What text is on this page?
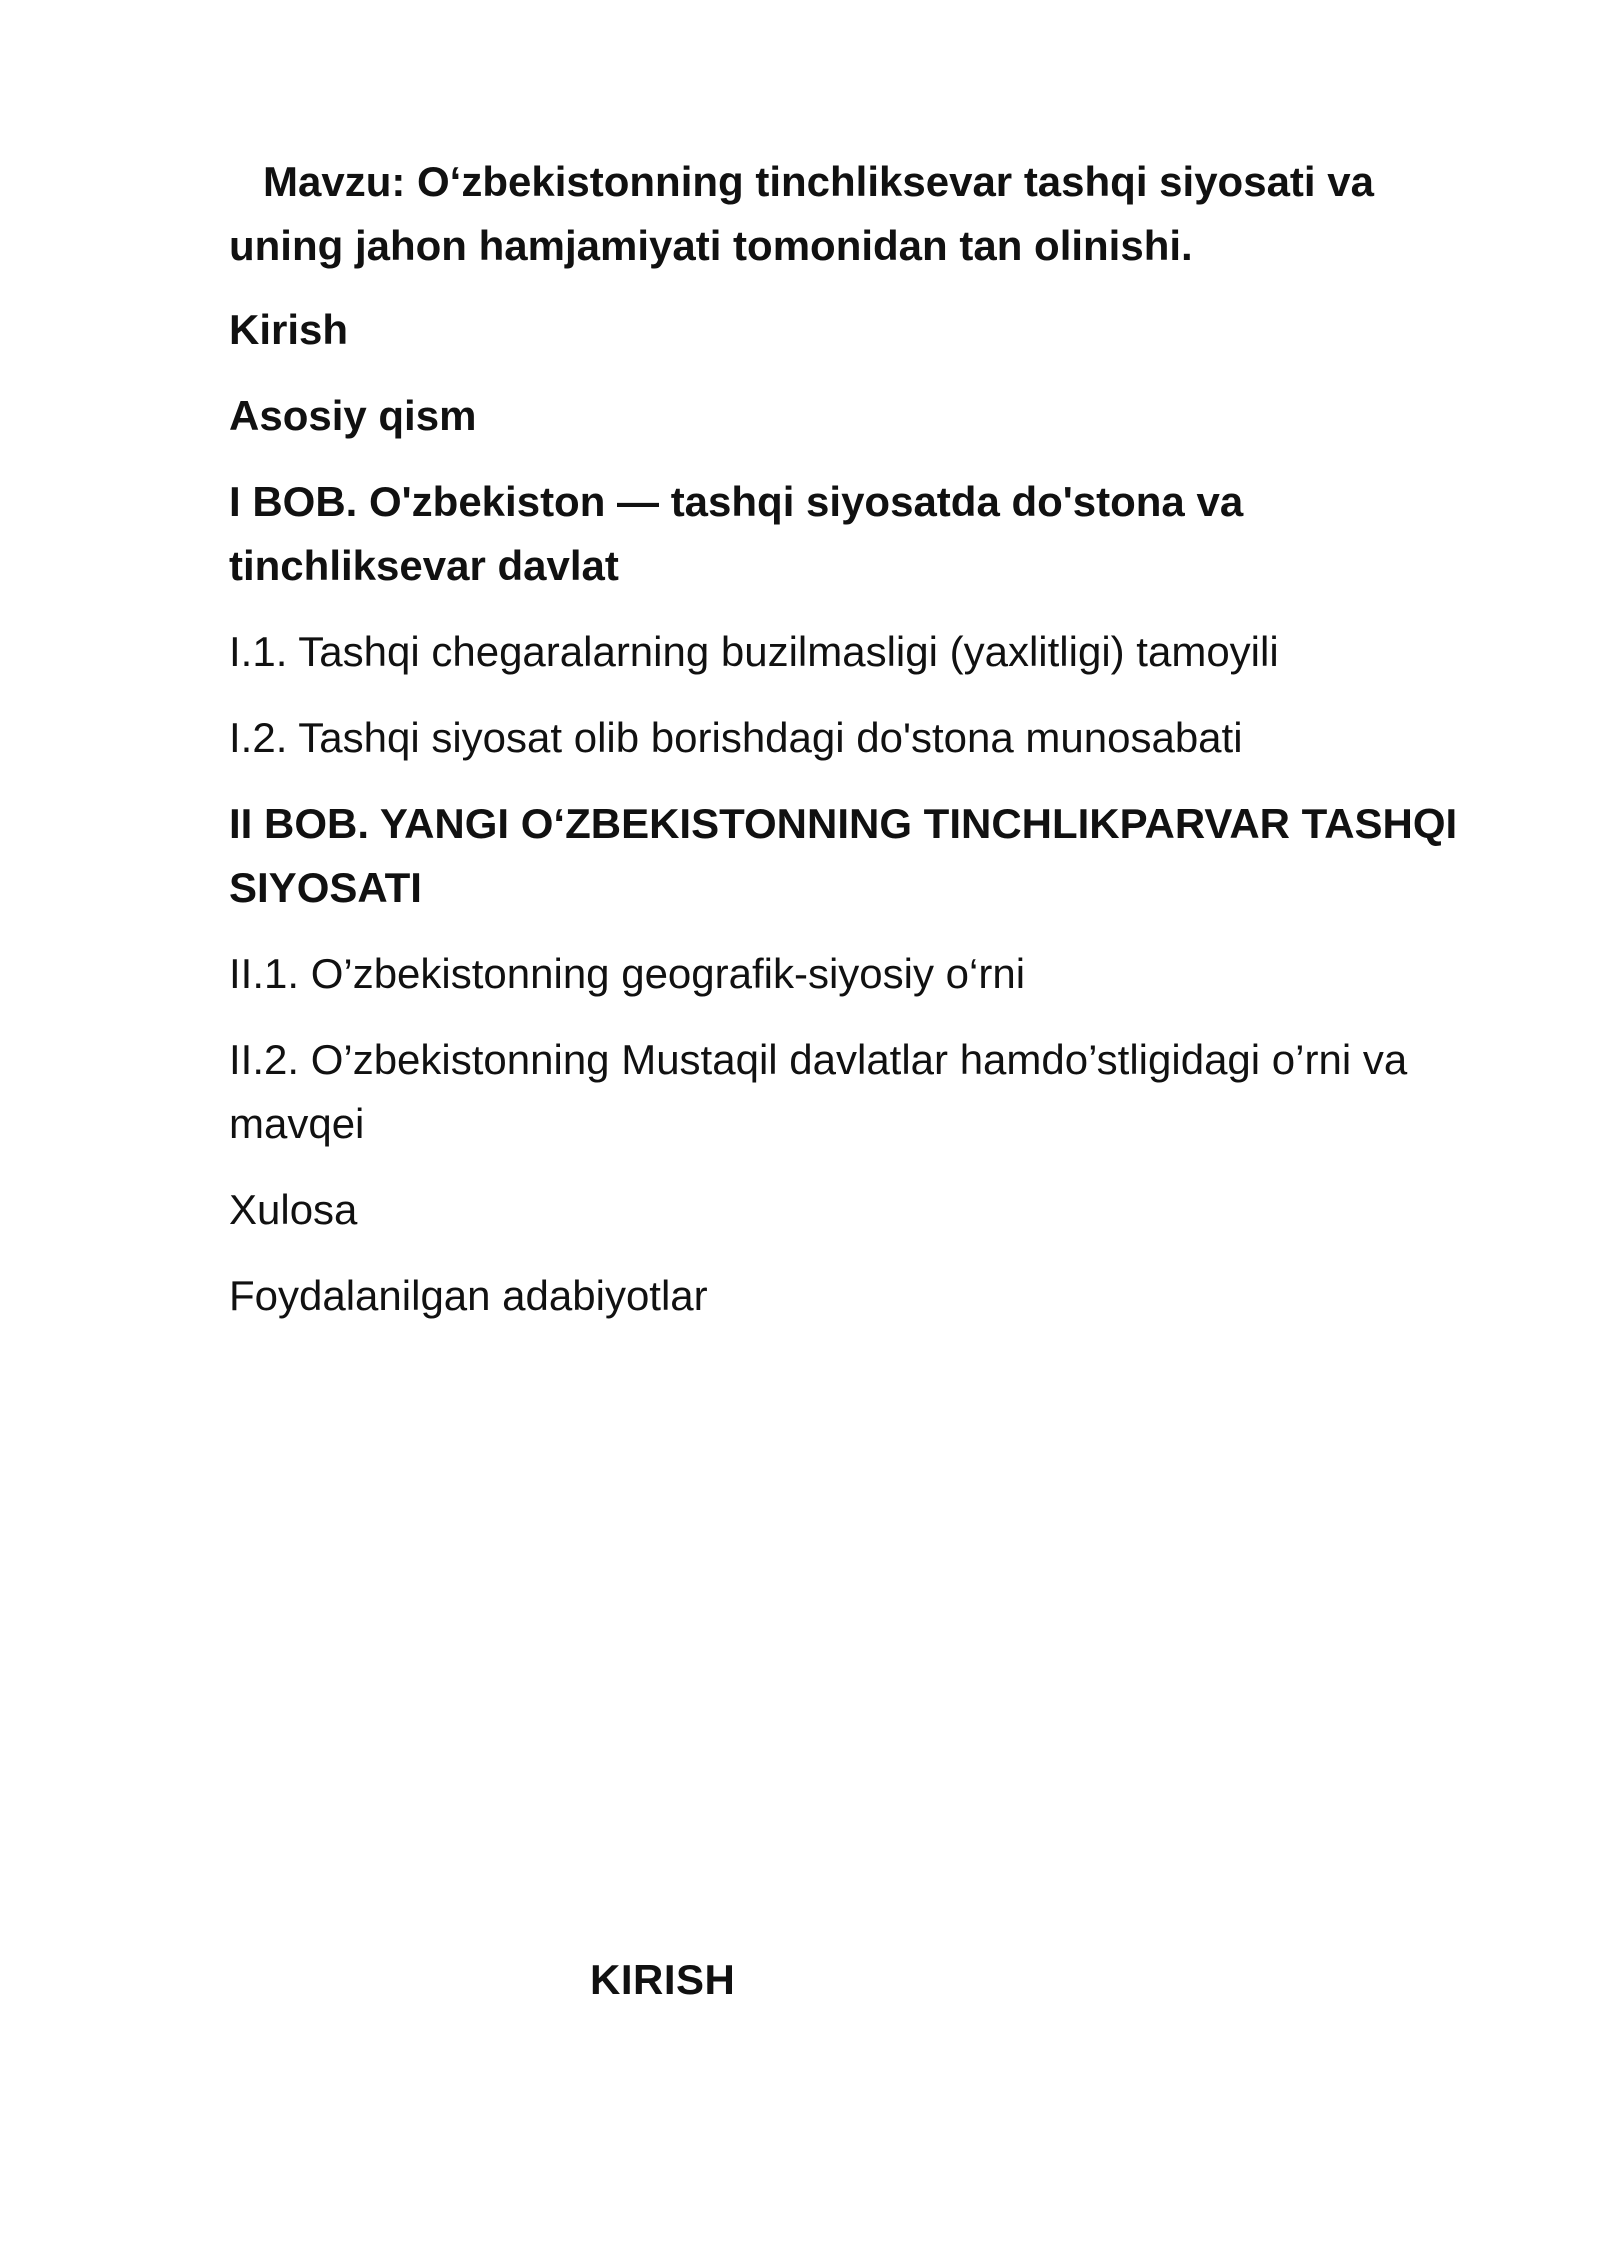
Mavzu: O‘zbekistonning tinchliksevar tashqi siyosati va uning jahon hamjamiyati tomonidan tan olinishi.

Kirish

Asosiy qism

I BOB. O'zbekiston — tashqi siyosatda do'stona va tinchliksevar davlat

I.1. Tashqi chegaralarning buzilmasligi (yaxlitligi) tamoyili

I.2. Tashqi siyosat olib borishdagi do'stona munosabati

II BOB. YANGI O‘ZBEKISTONNING TINCHLIKPARVAR TASHQI SIYOSATI

II.1. O’zbekistonning geografik-siyosiy o‘rni

II.2. O’zbekistonning Mustaqil davlatlar hamdo’stligidagi o’rni va mavqei

Xulosa

Foydalanilgan adabiyotlar

KIRISH
